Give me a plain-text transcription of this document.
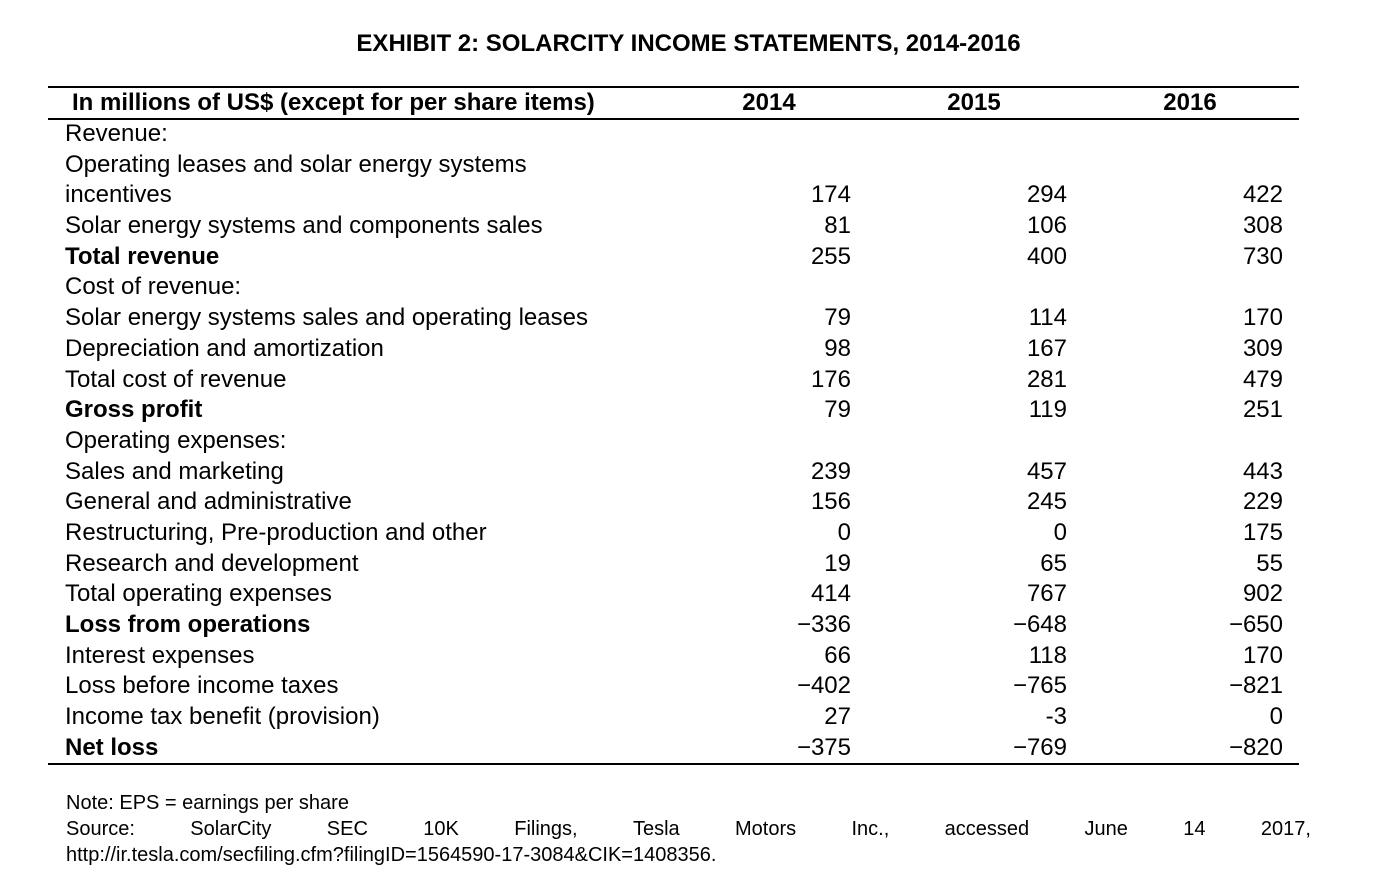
EXHIBIT 2: SOLARCITY INCOME STATEMENTS, 2014-2016
In millions of US$ (except for per share items)	2014	2015	2016
Revenue:
Operating leases and solar energy systems incentives	174	294	422
Solar energy systems and components sales	81	106	308
Total revenue	255	400	730
Cost of revenue:
Solar energy systems sales and operating leases	79	114	170
Depreciation and amortization	98	167	309
Total cost of revenue	176	281	479
Gross profit	79	119	251
Operating expenses:
Sales and marketing	239	457	443
General and administrative	156	245	229
Restructuring, Pre-production and other	0	0	175
Research and development	19	65	55
Total operating expenses	414	767	902
Loss from operations	−336	−648	−650
Interest expenses	66	118	170
Loss before income taxes	−402	−765	−821
Income tax benefit (provision)	27	-3	0
Net loss	−375	−769	−820
Note: EPS = earnings per share
Source:	SolarCity	SEC	10K	Filings,	Tesla	Motors	Inc.,	accessed	June	14	2017,
http://ir.tesla.com/secfiling.cfm?filingID=1564590-17-3084&CIK=1408356.
